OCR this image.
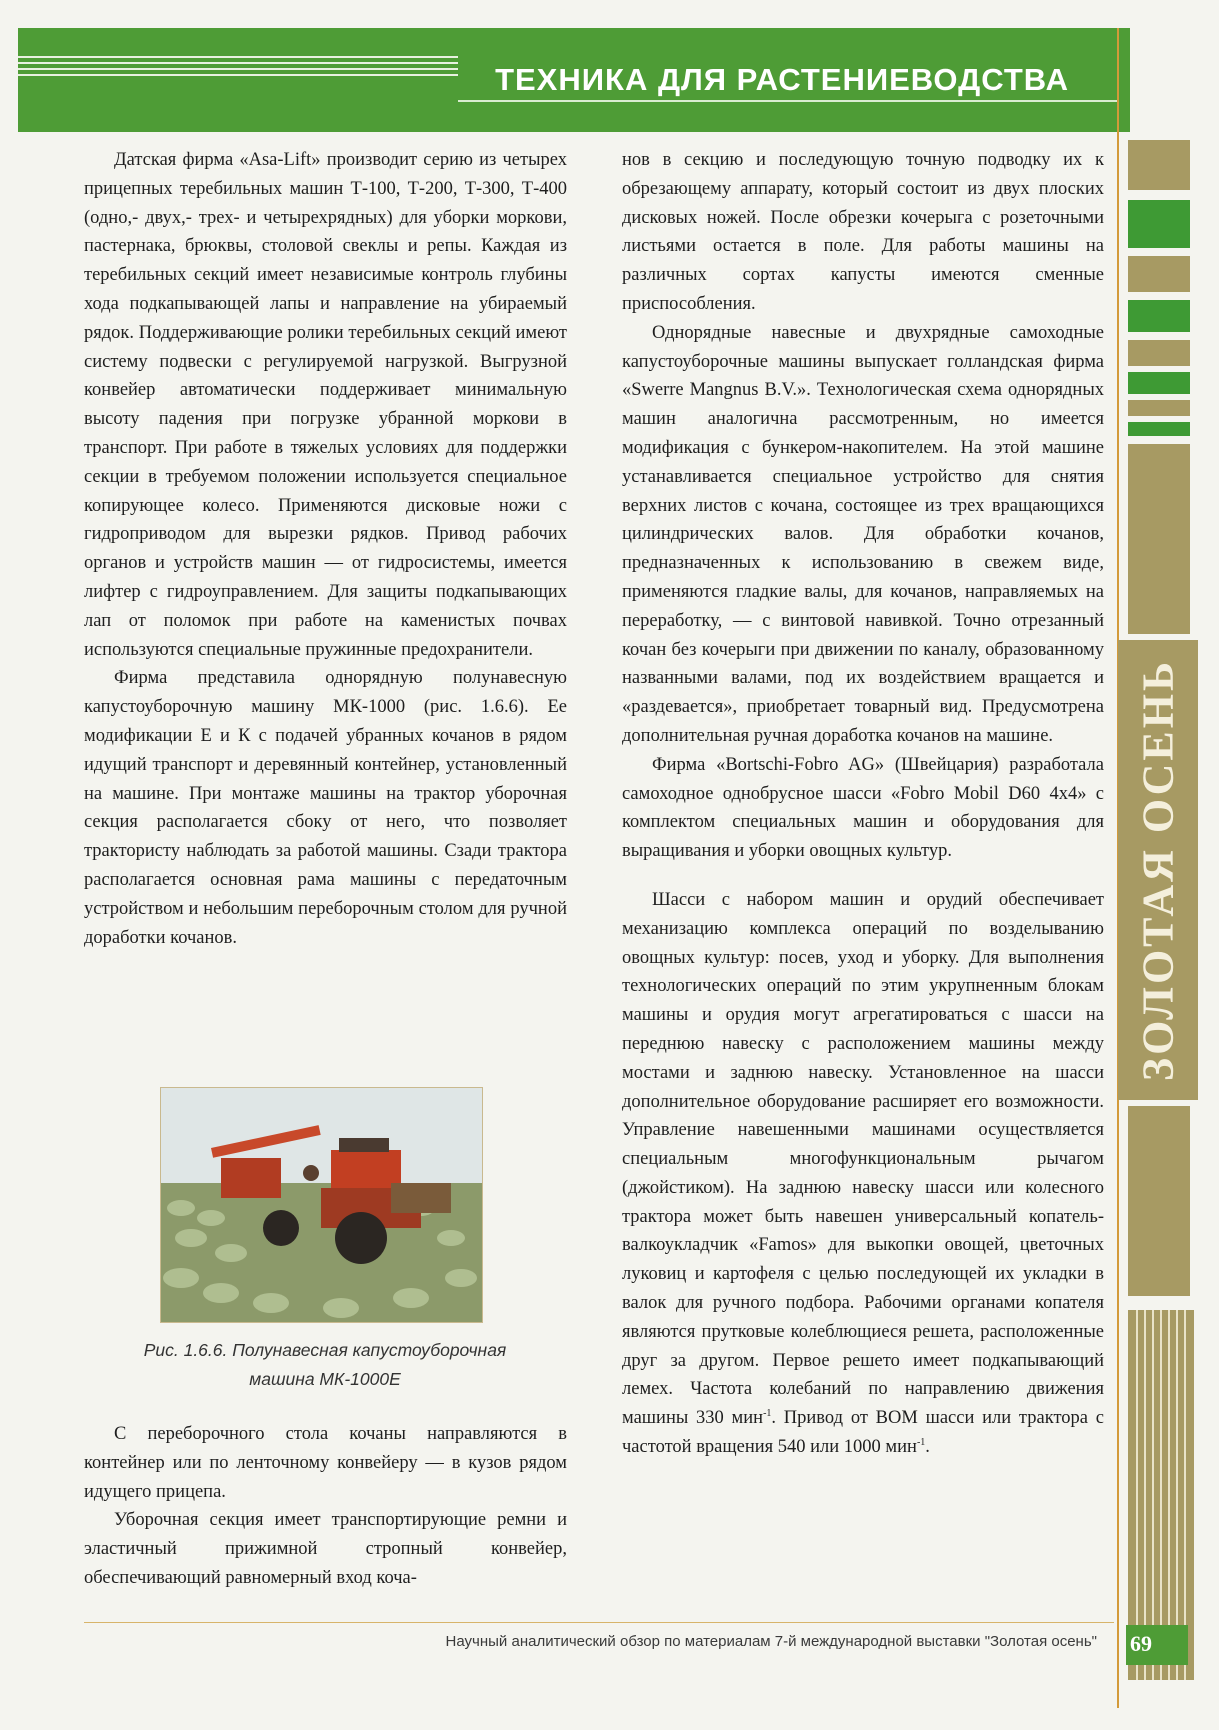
ТЕХНИКА ДЛЯ РАСТЕНИЕВОДСТВА
ЗОЛОТАЯ ОСЕНЬ

Датская фирма «Asa-Lift» производит серию из четырех прицепных теребильных машин Т-100, Т-200, Т-300, Т-400 (одно,- двух,- трех- и четырехрядных) для уборки моркови, пастернака, брюквы, столовой свеклы и репы. Каждая из теребильных секций имеет независимые контроль глубины хода подкапывающей лапы и направление на убираемый рядок. Поддерживающие ролики теребильных секций имеют систему подвески с регулируемой нагрузкой. Выгрузной конвейер автоматически поддерживает минимальную высоту падения при погрузке убранной моркови в транспорт. При работе в тяжелых условиях для поддержки секции в требуемом положении используется специальное копирующее колесо. Применяются дисковые ножи с гидроприводом для вырезки рядков. Привод рабочих органов и устройств машин — от гидросистемы, имеется лифтер с гидроуправлением. Для защиты подкапывающих лап от поломок при работе на каменистых почвах используются специальные пружинные предохранители.

Фирма представила однорядную полунавесную капустоуборочную машину МК-1000 (рис. 1.6.6). Ее модификации Е и К с подачей убранных кочанов в рядом идущий транспорт и деревянный контейнер, установленный на машине. При монтаже машины на трактор уборочная секция располагается сбоку от него, что позволяет трактористу наблюдать за работой машины. Сзади трактора располагается основная рама машины с передаточным устройством и небольшим переборочным столом для ручной доработки кочанов.

Рис. 1.6.6. Полунавесная капустоуборочная
машина МК-1000Е

С переборочного стола кочаны направляются в контейнер или по ленточному конвейеру — в кузов рядом идущего прицепа.

Уборочная секция имеет транспортирующие ремни и эластичный прижимной стропный конвейер, обеспечивающий равномерный вход коча-

нов в секцию и последующую точную подводку их к обрезающему аппарату, который состоит из двух плоских дисковых ножей. После обрезки кочерыга с розеточными листьями остается в поле. Для работы машины на различных сортах капусты имеются сменные приспособления.

Однорядные навесные и двухрядные самоходные капустоуборочные машины выпускает голландская фирма «Swerre Mangnus B.V.». Технологическая схема однорядных машин аналогична рассмотренным, но имеется модификация с бункером-накопителем. На этой машине устанавливается специальное устройство для снятия верхних листов с кочана, состоящее из трех вращающихся цилиндрических валов. Для обработки кочанов, предназначенных к использованию в свежем виде, применяются гладкие валы, для кочанов, направляемых на переработку, — с винтовой навивкой. Точно отрезанный кочан без кочерыги при движении по каналу, образованному названными валами, под их воздействием вращается и «раздевается», приобретает товарный вид. Предусмотрена дополнительная ручная доработка кочанов на машине.

Фирма «Bortschi-Fobro AG» (Швейцария) разработала самоходное однобрусное шасси «Fobro Mobil D60 4x4» с комплектом специальных машин и оборудования для выращивания и уборки овощных культур.

Шасси с набором машин и орудий обеспечивает механизацию комплекса операций по возделыванию овощных культур: посев, уход и уборку. Для выполнения технологических операций по этим укрупненным блокам машины и орудия могут агрегатироваться с шасси на переднюю навеску с расположением машины между мостами и заднюю навеску. Установленное на шасси дополнительное оборудование расширяет его возможности. Управление навешенными машинами осуществляется специальным многофункциональным рычагом (джойстиком). На заднюю навеску шасси или колесного трактора может быть навешен универсальный копатель-валкоукладчик «Famos» для выкопки овощей, цветочных луковиц и картофеля с целью последующей их укладки в валок для ручного подбора. Рабочими органами копателя являются прутковые колеблющиеся решета, расположенные друг за другом. Первое решето имеет подкапывающий лемех. Частота колебаний по направлению движения машины 330 мин$^{-1}$. Привод от ВОМ шасси или трактора с частотой вращения 540 или 1000 мин$^{-1}$.

Научный аналитический обзор по материалам 7-й международной выставки "Золотая осень" 69
